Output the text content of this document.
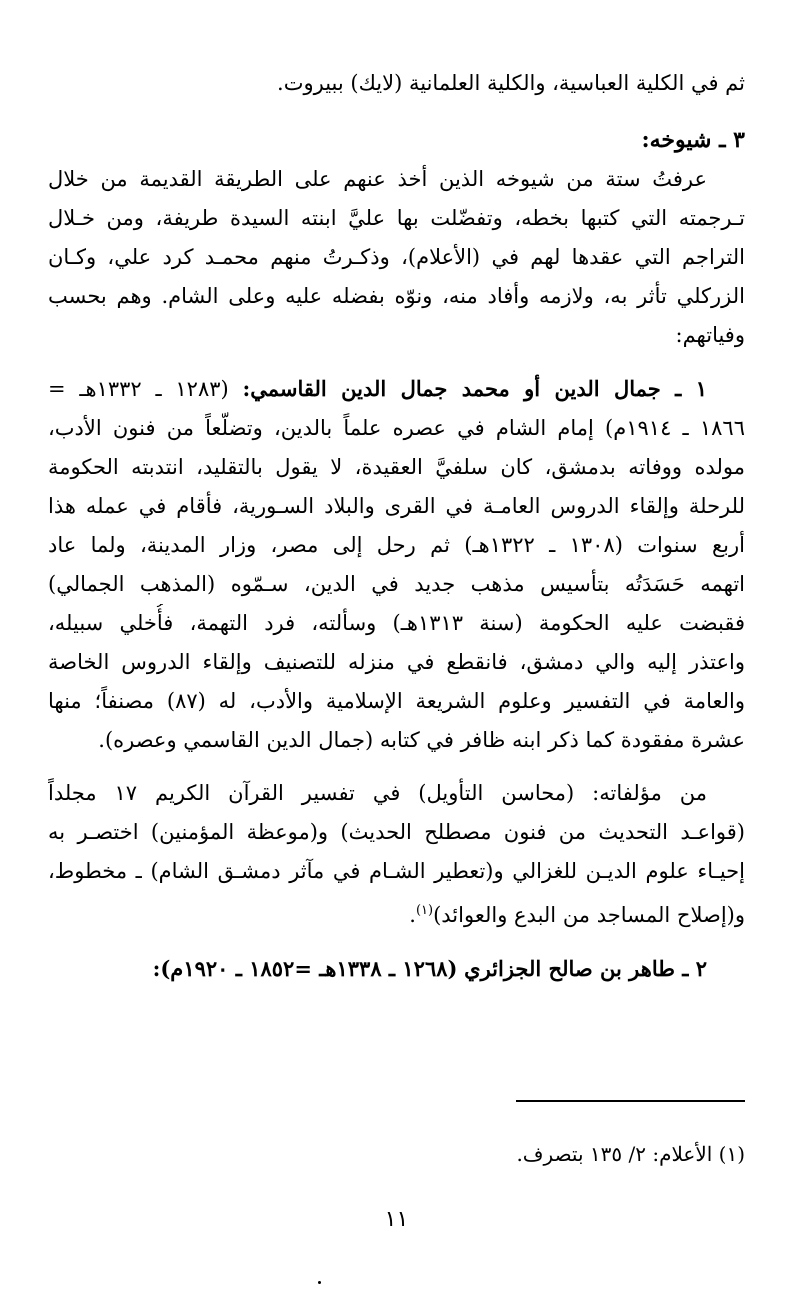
ثم في الكلية العباسية، والكلية العلمانية (لايك) ببيروت.

٣ ـ شيوخه:

عرفتُ ستة من شيوخه الذين أخذ عنهم على الطريقة القديمة من خلال
تـرجمته التي كتبها بخطه، وتفضّلت بها عليَّ ابنته السيدة طريفة، ومن خـلال
التراجم التي عقدها لهم في (الأعلام)، وذكـرتُ منهم محمـد كرد علي، وكـان
الزركلي تأثر به، ولازمه وأفاد منه، ونوّه بفضله عليه وعلى الشام. وهم بحسب
وفياتهم:

١ ـ جمال الدين أو محمد جمال الدين القاسمي: (١٢٨٣ ـ ١٣٣٢هـ =
١٨٦٦ ـ ١٩١٤م) إمام الشام في عصره علماً بالدين، وتضلّعاً من فنون الأدب،
مولده ووفاته بدمشق، كان سلفيَّ العقيدة، لا يقول بالتقليد، انتدبته الحكومة
للرحلة وإلقاء الدروس العامـة في القرى والبلاد السـورية، فأقام في عمله هذا
أربع سنوات (١٣٠٨ ـ ١٣٢٢هـ) ثم رحل إلى مصر، وزار المدينة، ولما عاد
اتهمه حَسَدَتُه بتأسيس مذهب جديد في الدين، سـمّوه (المذهب الجمالي)
فقبضت عليه الحكومة (سنة ١٣١٣هـ) وسألته، فرد التهمة، فأُخلي سبيله،
واعتذر إليه والي دمشق، فانقطع في منزله للتصنيف وإلقاء الدروس الخاصة
والعامة في التفسير وعلوم الشريعة الإسلامية والأدب، له (٨٧) مصنفاً؛ منها
عشرة مفقودة كما ذكر ابنه ظافر في كتابه (جمال الدين القاسمي وعصره).

من مؤلفاته: (محاسن التأويل) في تفسير القرآن الكريم ١٧ مجلداً
(قواعـد التحديث من فنون مصطلح الحديث) و(موعظة المؤمنين) اختصـر به
إحيـاء علوم الديـن للغزالي و(تعطير الشـام في مآثر دمشـق الشام) ـ مخطوط،
و(إصلاح المساجد من البدع والعوائد)$^{(١)}$.

٢ ـ طاهر بن صالح الجزائري (١٢٦٨ ـ ١٣٣٨هـ =١٨٥٢ ـ ١٩٢٠م):

(١) الأعلام: ٢/ ١٣٥ بتصرف.

١١
